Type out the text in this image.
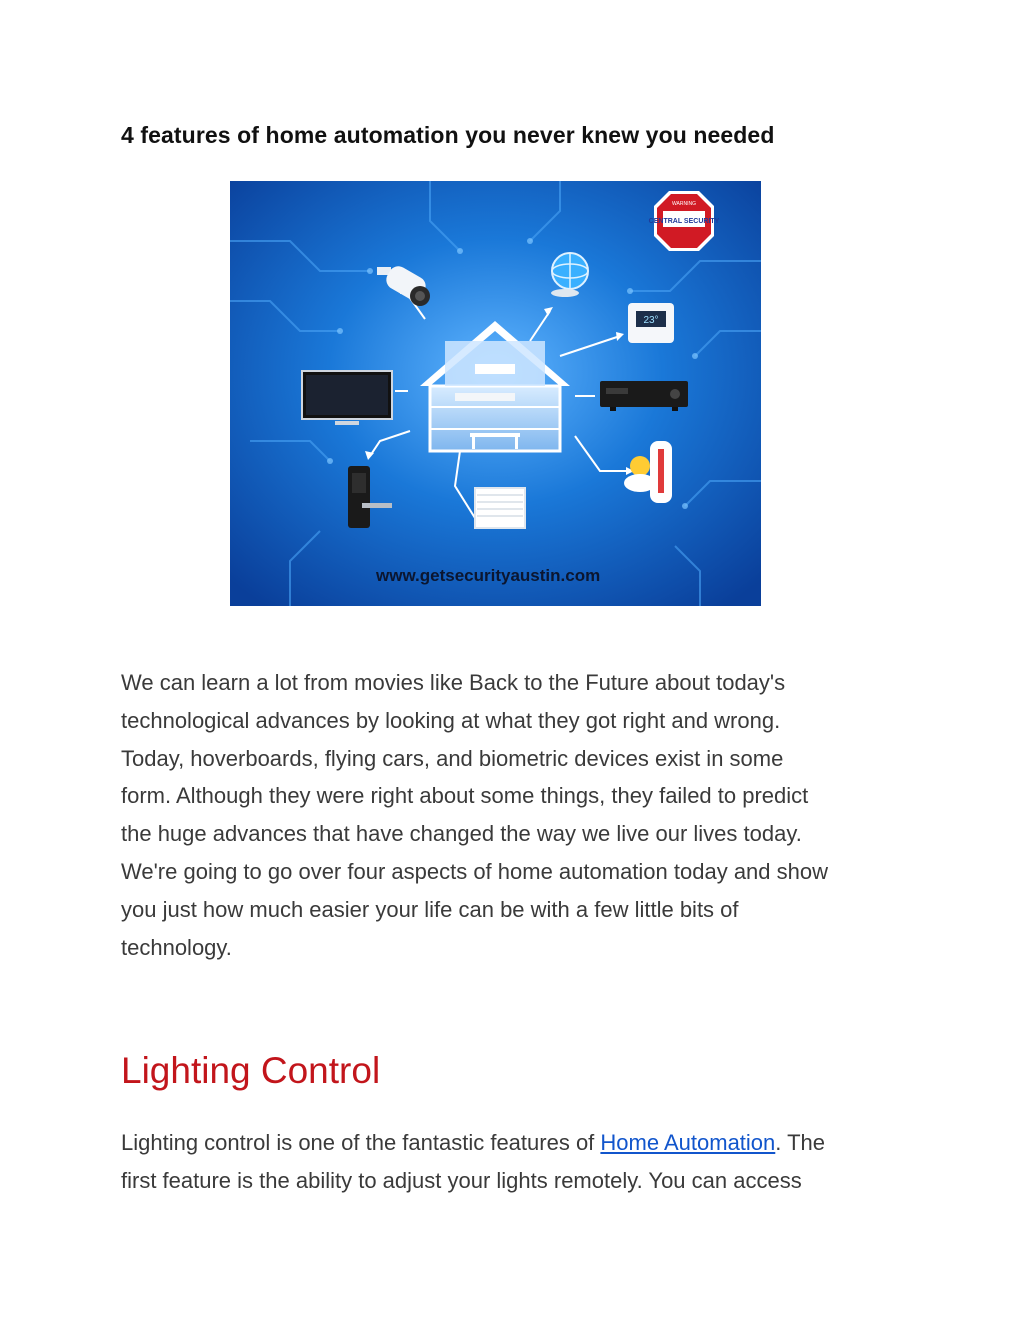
4 features of home automation you never knew you needed
CENTRAL SECURITY
WARNING
23°
www.getsecurityaustin.com
We can learn a lot from movies like Back to the Future about today's
technological advances by looking at what they got right and wrong.
Today, hoverboards, flying cars, and biometric devices exist in some
form. Although they were right about some things, they failed to predict
the huge advances that have changed the way we live our lives today.
We're going to go over four aspects of home automation today and show
you just how much easier your life can be with a few little bits of
technology.
Lighting Control
Lighting control is one of the fantastic features of Home Automation. The
first feature is the ability to adjust your lights remotely. You can access
